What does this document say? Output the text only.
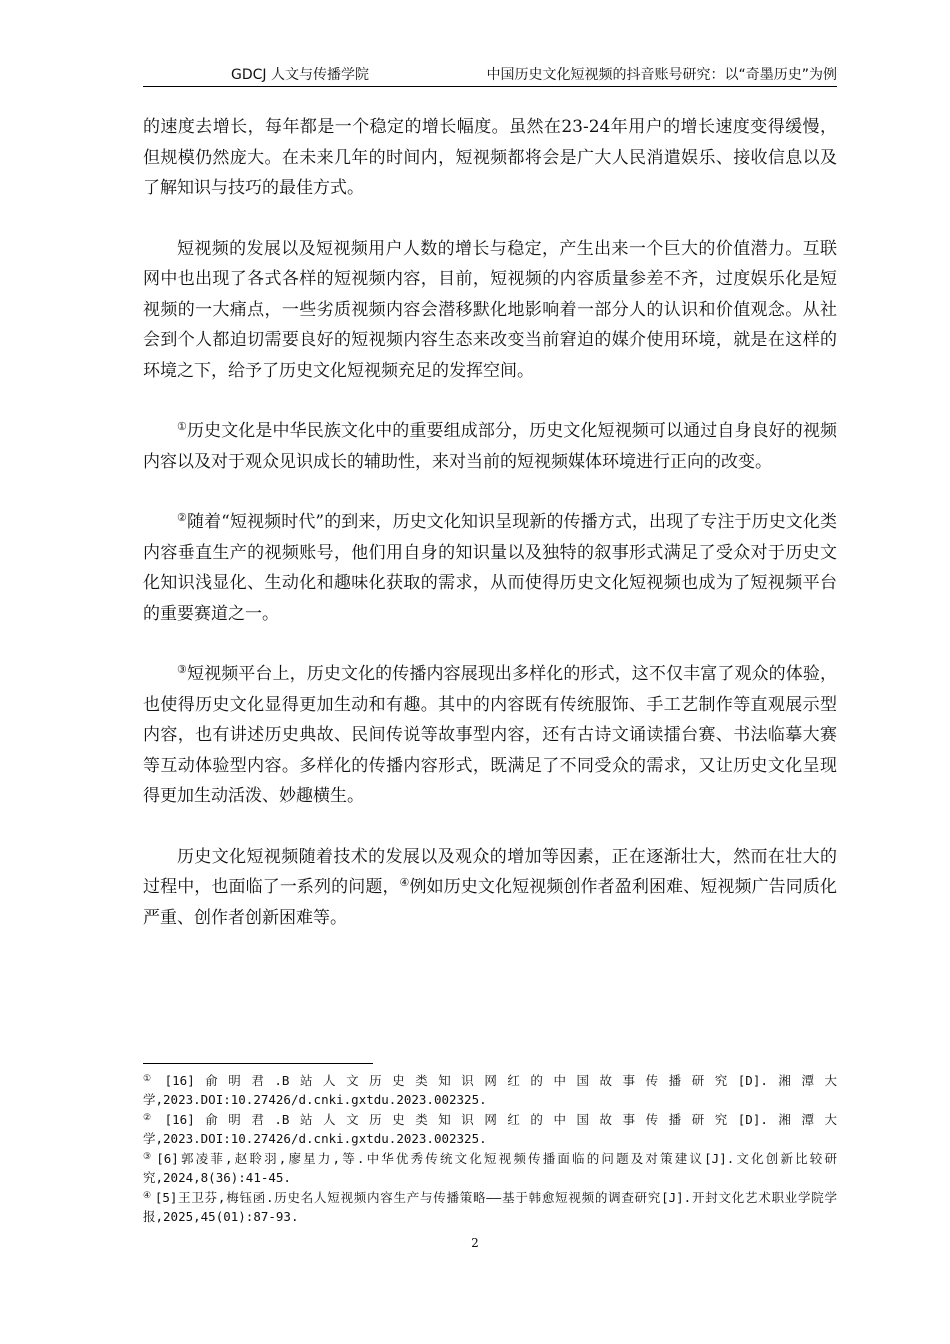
GDCJ 人文与传播学院	中国历史文化短视频的抖音账号研究：以“奇墨历史”为例

的速度去增长，每年都是一个稳定的增长幅度。虽然在23-24年用户的增长速度变得缓慢，但规模仍然庞大。在未来几年的时间内，短视频都将会是广大人民消遣娱乐、接收信息以及了解知识与技巧的最佳方式。

短视频的发展以及短视频用户人数的增长与稳定，产生出来一个巨大的价值潜力。互联网中也出现了各式各样的短视频内容，目前，短视频的内容质量参差不齐，过度娱乐化是短视频的一大痛点，一些劣质视频内容会潜移默化地影响着一部分人的认识和价值观念。从社会到个人都迫切需要良好的短视频内容生态来改变当前窘迫的媒介使用环境，就是在这样的环境之下，给予了历史文化短视频充足的发挥空间。

①历史文化是中华民族文化中的重要组成部分，历史文化短视频可以通过自身良好的视频内容以及对于观众见识成长的辅助性，来对当前的短视频媒体环境进行正向的改变。

②随着“短视频时代”的到来，历史文化知识呈现新的传播方式，出现了专注于历史文化类内容垂直生产的视频账号，他们用自身的知识量以及独特的叙事形式满足了受众对于历史文化知识浅显化、生动化和趣味化获取的需求，从而使得历史文化短视频也成为了短视频平台的重要赛道之一。

③短视频平台上，历史文化的传播内容展现出多样化的形式，这不仅丰富了观众的体验，也使得历史文化显得更加生动和有趣。其中的内容既有传统服饰、手工艺制作等直观展示型内容，也有讲述历史典故、民间传说等故事型内容，还有古诗文诵读擂台赛、书法临摹大赛等互动体验型内容。多样化的传播内容形式，既满足了不同受众的需求，又让历史文化呈现得更加生动活泼、妙趣横生。

历史文化短视频随着技术的发展以及观众的增加等因素，正在逐渐壮大，然而在壮大的过程中，也面临了一系列的问题，④例如历史文化短视频创作者盈利困难、短视频广告同质化严重、创作者创新困难等。

① [16]俞明君.B站人文历史类知识网红的中国故事传播研究[D].湘潭大学,2023.DOI:10.27426/d.cnki.gxtdu.2023.002325.
② [16]俞明君.B站人文历史类知识网红的中国故事传播研究[D].湘潭大学,2023.DOI:10.27426/d.cnki.gxtdu.2023.002325.
③ [6]郭凌菲,赵聆羽,廖星力,等.中华优秀传统文化短视频传播面临的问题及对策建议[J].文化创新比较研究,2024,8(36):41-45.
④ [5]王卫芬,梅钰函.历史名人短视频内容生产与传播策略——基于韩愈短视频的调查研究[J].开封文化艺术职业学院学报,2025,45(01):87-93.
2
